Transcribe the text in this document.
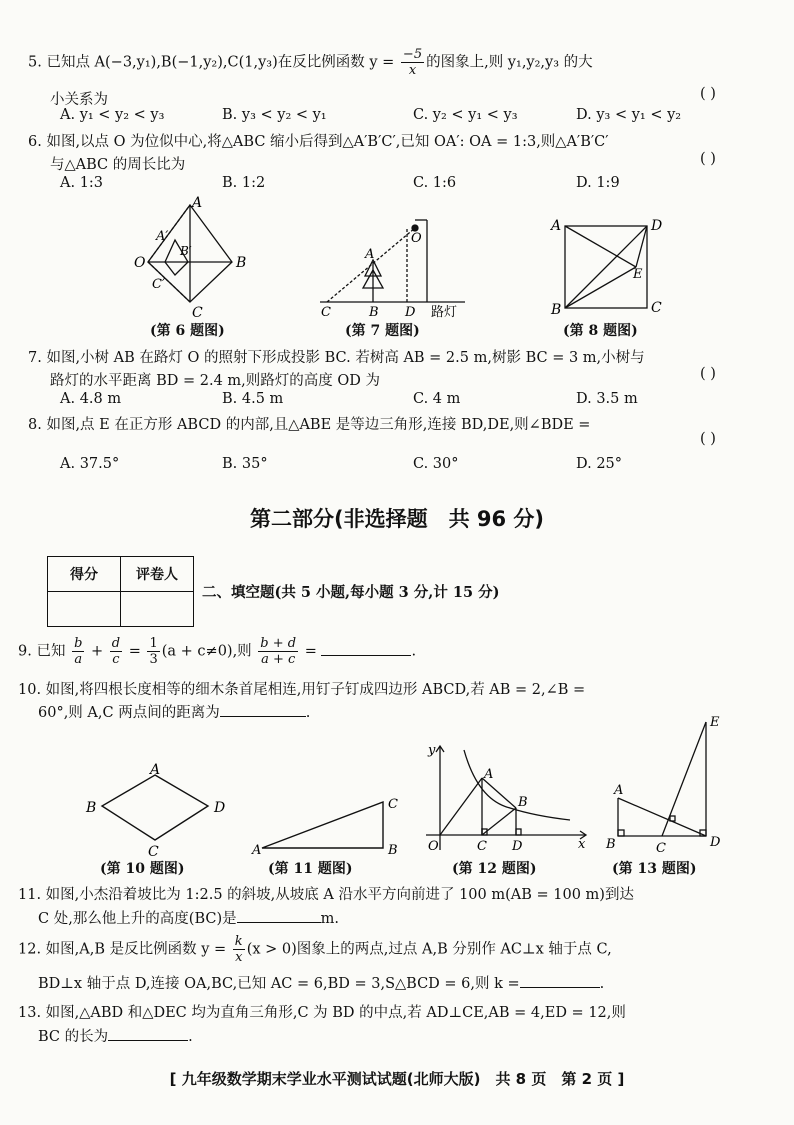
5. 已知点 A(−3,y₁),B(−1,y₂),C(1,y₃)在反比例函数 $y = \frac{-5}{x}$ 的图象上,则 y₁,y₂,y₃ 的大
小关系为	( )
A. y₁ < y₂ < y₃	B. y₃ < y₂ < y₁	C. y₂ < y₁ < y₃	D. y₃ < y₁ < y₂
6. 如图,以点 O 为位似中心,将△ABC 缩小后得到△A′B′C′,已知 OA′: OA = 1:3,则△A′B′C′
与△ABC 的周长比为	( )
A. 1:3	B. 1:2	C. 1:6	D. 1:9
A
A′
B
B′
C
C′
O
(第 6 题图)
A
B
C	D
O
路灯
(第 7 题图)
A	D
B	C
E
(第 8 题图)
7. 如图,小树 AB 在路灯 O 的照射下形成投影 BC. 若树高 AB = 2.5 m,树影 BC = 3 m,小树与
路灯的水平距离 BD = 2.4 m,则路灯的高度 OD 为	( )
A. 4.8 m	B. 4.5 m	C. 4 m	D. 3.5 m
8. 如图,点 E 在正方形 ABCD 的内部,且△ABE 是等边三角形,连接 BD,DE,则∠BDE =
( )
A. 37.5°	B. 35°	C. 30°	D. 25°
第二部分(非选择题　共 96 分)
得分	评卷人

二、填空题(共 5 小题,每小题 3 分,计 15 分)
9. 已知 $\frac{b}{a} + \frac{d}{c} = \frac{1}{3} (a + c\ne 0)$,则 $\frac{b + d}{a + c}$ =	.
10. 如图,将四根长度相等的细木条首尾相连,用钉子钉成四边形 ABCD,若 AB = 2,∠B =
60°,则 A,C 两点间的距离为	.
A
B
C
D
(第 10 题图)
A	B
C
(第 11 题图)
A
B
C D
O	x
y
(第 12 题图)
E
A
B	C	D
(第 13 题图)
11. 如图,小杰沿着坡比为 1:2.5 的斜坡,从坡底 A 沿水平方向前进了 100 m(AB = 100 m)到达
C 处,那么他上升的高度(BC)是	m.
12. 如图,A,B 是反比例函数 $y = \frac{k}{x} (x > 0)$图象上的两点,过点 A,B 分别作 AC⊥x 轴于点 C,
BD⊥x 轴于点 D,连接 OA,BC,已知 AC = 6,BD = 3,S△BCD = 6,则 k =	.
13. 如图,△ABD 和△DEC 均为直角三角形,C 为 BD 的中点,若 AD⊥CE,AB = 4,ED = 12,则
BC 的长为	.
[ 九年级数学期末学业水平测试试题(北师大版)　共 8 页　第 2 页 ]
